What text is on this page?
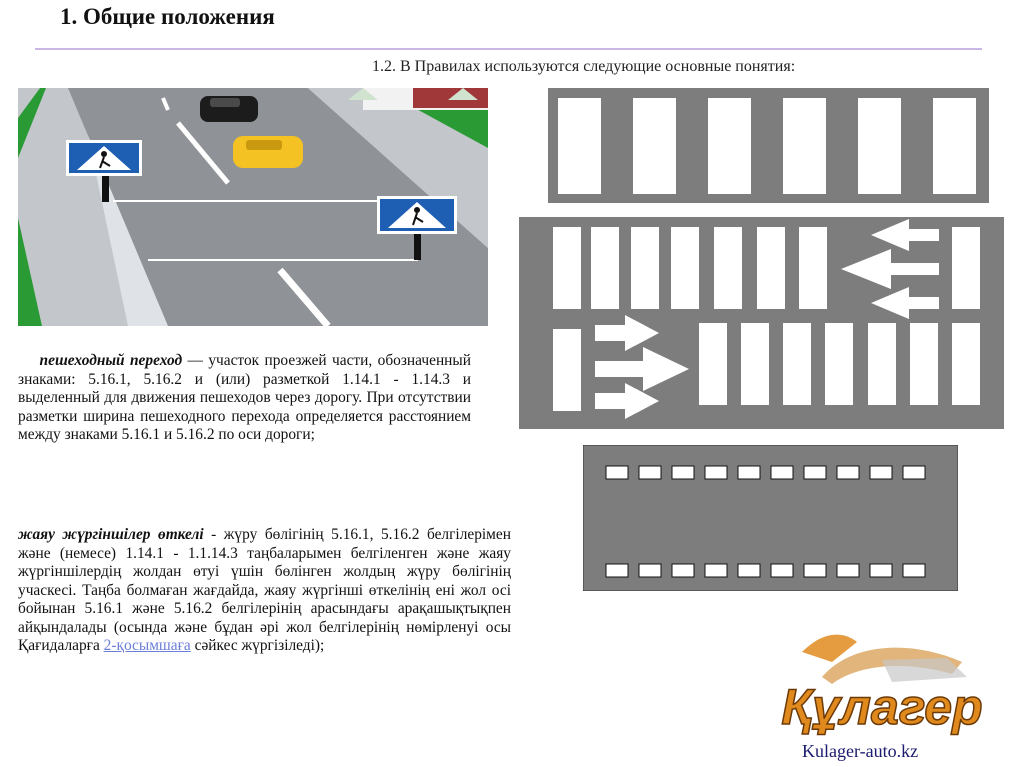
1. Общие положения
1.2. В Правилах используются следующие основные понятия:
пешеходный переход — участок проезжей части, обозначенный знаками: 5.16.1, 5.16.2 и (или) разметкой 1.14.1 - 1.14.3 и выделенный для движения пешеходов через дорогу. При отсутствии разметки ширина пешеходного перехода определяется расстоянием между знаками 5.16.1 и 5.16.2 по оси дороги;
жаяу жүргіншілер өткелі - жүру бөлігінің 5.16.1, 5.16.2 белгілерімен және (немесе) 1.14.1 - 1.1.14.3 таңбаларымен белгіленген және жаяу жүргіншілердің жолдан өтуі үшін бөлінген жолдың жүру бөлігінің учаскесі. Таңба болмаған жағдайда, жаяу жүргінші өткелінің ені жол осі бойынан 5.16.1 және 5.16.2 белгілерінің арасындағы арақашықтықпен айқындалады (осында және бұдан әрі жол белгілерінің нөмірленуі осы Қағидаларға 2-қосымшаға сәйкес жүргізіледі);
Құлагер
Kulager-auto.kz
